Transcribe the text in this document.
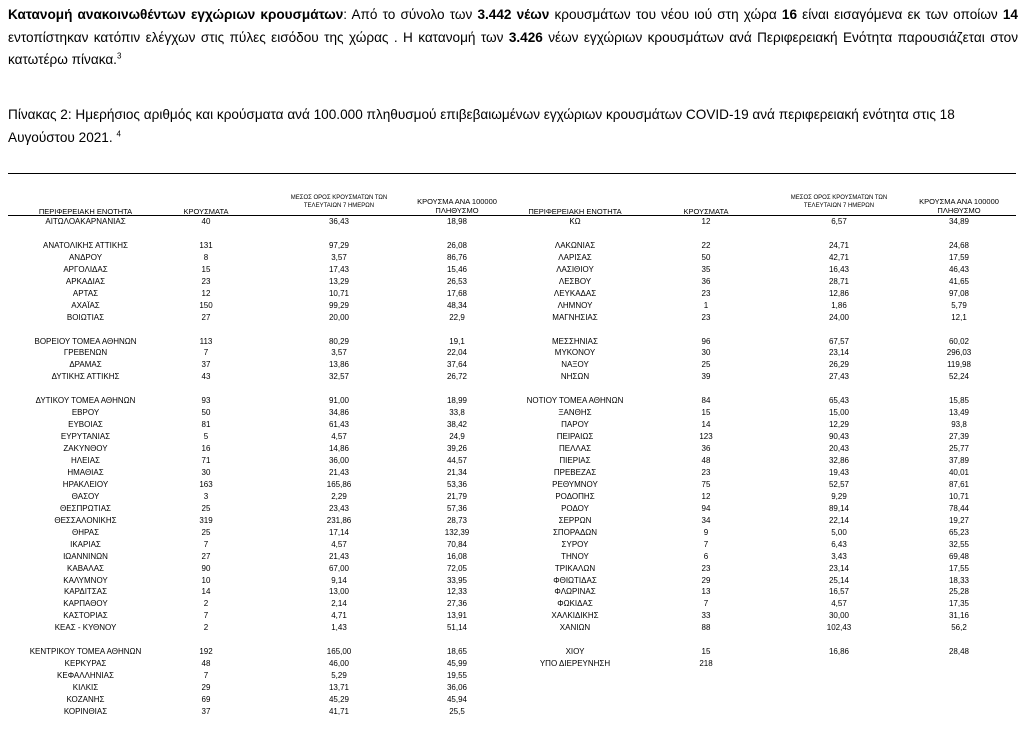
Κατανομή ανακοινωθέντων εγχώριων κρουσμάτων: Από το σύνολο των 3.442 νέων κρουσμάτων του νέου ιού στη χώρα 16 είναι εισαγόμενα εκ των οποίων 14 εντοπίστηκαν κατόπιν ελέγχων στις πύλες εισόδου της χώρας . Η κατανομή των 3.426 νέων εγχώριων κρουσμάτων ανά Περιφερειακή Ενότητα παρουσιάζεται στον κατωτέρω πίνακα.$^3$
Πίνακας 2: Ημερήσιος αριθμός και κρούσματα ανά 100.000 πληθυσμού επιβεβαιωμένων εγχώριων κρουσμάτων COVID-19 ανά περιφερειακή ενότητα στις 18 Αυγούστου 2021. $^4$
ΠΕΡΙΦΕΡΕΙΑΚΗ ΕΝΟΤΗΤΑ	ΚΡΟΥΣΜΑΤΑ
ΜΕΣΟΣ ΟΡΟΣ ΚΡΟΥΣΜΑΤΩΝ ΤΩΝ ΤΕΛΕΥΤΑΙΩΝ 7 ΗΜΕΡΩΝ	ΚΡΟΥΣΜΑ ΑΝΑ 100000 ΠΛΗΘΥΣΜΟ	ΠΕΡΙΦΕΡΕΙΑΚΗ ΕΝΟΤΗΤΑ	ΚΡΟΥΣΜΑΤΑ
ΜΕΣΟΣ ΟΡΟΣ ΚΡΟΥΣΜΑΤΩΝ ΤΩΝ ΤΕΛΕΥΤΑΙΩΝ 7 ΗΜΕΡΩΝ	ΚΡΟΥΣΜΑ ΑΝΑ 100000 ΠΛΗΘΥΣΜΟ
ΑΙΤΩΛΟΑΚΑΡΝΑΝΙΑΣ	40	36,43	18,98	ΚΩ	12	6,57	34,89
ΑΝΑΤΟΛΙΚΗΣ ΑΤΤΙΚΗΣ	131	97,29	26,08	ΛΑΚΩΝΙΑΣ	22	24,71	24,68
ΑΝΔΡΟΥ	8	3,57	86,76	ΛΑΡΙΣΑΣ	50	42,71	17,59
ΑΡΓΟΛΙΔΑΣ	15	17,43	15,46	ΛΑΣΙΘΙΟΥ	35	16,43	46,43
ΑΡΚΑΔΙΑΣ	23	13,29	26,53	ΛΕΣΒΟΥ	36	28,71	41,65
ΑΡΤΑΣ	12	10,71	17,68	ΛΕΥΚΑΔΑΣ	23	12,86	97,08
ΑΧΑΪΑΣ	150	99,29	48,34	ΛΗΜΝΟΥ	1	1,86	5,79
ΒΟΙΩΤΙΑΣ	27	20,00	22,9	ΜΑΓΝΗΣΙΑΣ	23	24,00	12,1
ΒΟΡΕΙΟΥ ΤΟΜΕΑ ΑΘΗΝΩΝ	113	80,29	19,1	ΜΕΣΣΗΝΙΑΣ	96	67,57	60,02
ΓΡΕΒΕΝΩΝ	7	3,57	22,04	ΜΥΚΟΝΟΥ	30	23,14	296,03
ΔΡΑΜΑΣ	37	13,86	37,64	ΝΑΞΟΥ	25	26,29	119,98
ΔΥΤΙΚΗΣ ΑΤΤΙΚΗΣ	43	32,57	26,72	ΝΗΣΩΝ	39	27,43	52,24
ΔΥΤΙΚΟΥ ΤΟΜΕΑ ΑΘΗΝΩΝ	93	91,00	18,99	ΝΟΤΙΟΥ ΤΟΜΕΑ ΑΘΗΝΩΝ	84	65,43	15,85
ΕΒΡΟΥ	50	34,86	33,8	ΞΑΝΘΗΣ	15	15,00	13,49
ΕΥΒΟΙΑΣ	81	61,43	38,42	ΠΑΡΟΥ	14	12,29	93,8
ΕΥΡΥΤΑΝΙΑΣ	5	4,57	24,9	ΠΕΙΡΑΙΩΣ	123	90,43	27,39
ΖΑΚΥΝΘΟΥ	16	14,86	39,26	ΠΕΛΛΑΣ	36	20,43	25,77
ΗΛΕΙΑΣ	71	36,00	44,57	ΠΙΕΡΙΑΣ	48	32,86	37,89
ΗΜΑΘΙΑΣ	30	21,43	21,34	ΠΡΕΒΕΖΑΣ	23	19,43	40,01
ΗΡΑΚΛΕΙΟΥ	163	165,86	53,36	ΡΕΘΥΜΝΟΥ	75	52,57	87,61
ΘΑΣΟΥ	3	2,29	21,79	ΡΟΔΟΠΗΣ	12	9,29	10,71
ΘΕΣΠΡΩΤΙΑΣ	25	23,43	57,36	ΡΟΔΟΥ	94	89,14	78,44
ΘΕΣΣΑΛΟΝΙΚΗΣ	319	231,86	28,73	ΣΕΡΡΩΝ	34	22,14	19,27
ΘΗΡΑΣ	25	17,14	132,39	ΣΠΟΡΑΔΩΝ	9	5,00	65,23
ΙΚΑΡΙΑΣ	7	4,57	70,84	ΣΥΡΟΥ	7	6,43	32,55
ΙΩΑΝΝΙΝΩΝ	27	21,43	16,08	ΤΗΝΟΥ	6	3,43	69,48
ΚΑΒΑΛΑΣ	90	67,00	72,05	ΤΡΙΚΑΛΩΝ	23	23,14	17,55
ΚΑΛΥΜΝΟΥ	10	9,14	33,95	ΦΘΙΩΤΙΔΑΣ	29	25,14	18,33
ΚΑΡΔΙΤΣΑΣ	14	13,00	12,33	ΦΛΩΡΙΝΑΣ	13	16,57	25,28
ΚΑΡΠΑΘΟΥ	2	2,14	27,36	ΦΩΚΙΔΑΣ	7	4,57	17,35
ΚΑΣΤΟΡΙΑΣ	7	4,71	13,91	ΧΑΛΚΙΔΙΚΗΣ	33	30,00	31,16
ΚΕΑΣ - ΚΥΘΝΟΥ	2	1,43	51,14	ΧΑΝΙΩΝ	88	102,43	56,2
ΚΕΝΤΡΙΚΟΥ ΤΟΜΕΑ ΑΘΗΝΩΝ	192	165,00	18,65	ΧΙΟΥ	15	16,86	28,48
ΚΕΡΚΥΡΑΣ	48	46,00	45,99	ΥΠΟ ΔΙΕΡΕΥΝΗΣΗ	218
ΚΕΦΑΛΛΗΝΙΑΣ	7	5,29	19,55
ΚΙΛΚΙΣ	29	13,71	36,06
ΚΟΖΑΝΗΣ	69	45,29	45,94
ΚΟΡΙΝΘΙΑΣ	37	41,71	25,5
